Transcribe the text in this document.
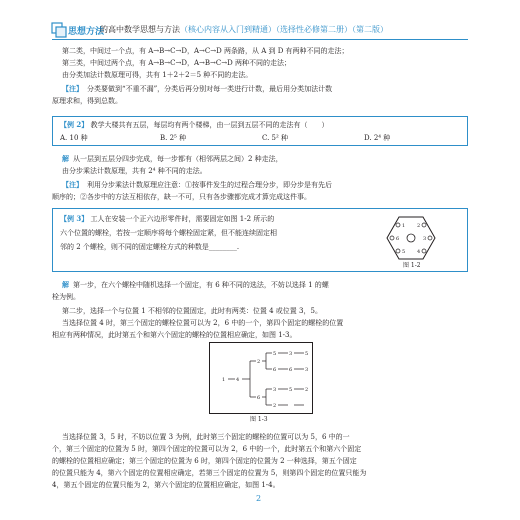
思想方法
的高中数学思想与方法（核心内容从入门到精通）（选择性必修第二册）（第二版）
第二类，中间过一个点，有 A→B→C→D，A→C→D 两条路，从 A 到 D 有两种不同的走法；
第三类，中间过两个点，有 A→B→C→D，A→B→C→D 两种不同的走法；
由分类加法计数原理可得，共有 1＋2＋2＝5 种不同的走法。
【注】 分类要做到“不重不漏”，分类后再分别对每一类进行计数，最后用分类加法计数
原理求和，得到总数。
【例 2】 教学大楼共有五层，每层均有两个楼梯，由一层到五层不同的走法有（　　）
A. 10 种	B. 2⁵ 种	C. 5² 种	D. 2⁴ 种
解 从一层到五层分四步完成，每一步都有（相邻两层之间）2 种走法，
由分步乘法计数原理，共有 2⁴ 种不同的走法。
【注】 利用分步乘法计数原理应注意：①按事件发生的过程合理分步，即分步是有先后
顺序的；②各步中的方法互相依存，缺一不可，只有各步骤都完成才算完成这件事。
【例 3】 工人在安装一个正六边形零件时，需要固定如图 1-2 所示的
六个位置的螺栓，若按一定顺序将每个螺栓固定紧，但不能连续固定相
邻的 2 个螺栓，则不同的固定螺栓方式的种数是________.
1 2
3
4
5
6
图 1-2
解 第一步，在六个螺栓中随机选择一个固定，有 6 种不同的选法，不妨以选择 1 的螺
栓为例。
第二步，选择一个与位置 1 不相邻的位置固定，此时有两类：位置 4 或位置 3，5。
当选择位置 4 时，第三个固定的螺栓位置可以为 2，6 中的一个，第四个固定的螺栓的位置
相应有两种情况，此时第五个和第六个固定的螺栓的位置相应确定，如图 1-3。
1 4
2
6
5
6
3
2
3	5
6	3
5	2
图 1-3
当选择位置 3，5 时，不妨以位置 3 为例，此时第三个固定的螺栓的位置可以为 5，6 中的一
个，第三个固定的位置为 5 时，第四个固定的位置可以为 2，6 中的一个，此时第五个和第六个固定
的螺栓的位置相应确定；第三个固定的位置为 6 时，第四个固定的位置为 2 一种选择，第五个固定
的位置只能为 4，第六个固定的位置相应确定，若第三个固定的位置为 5，则第四个固定的位置只能为
4，第五个固定的位置只能为 2，第六个固定的位置相应确定，如图 1-4。
2
